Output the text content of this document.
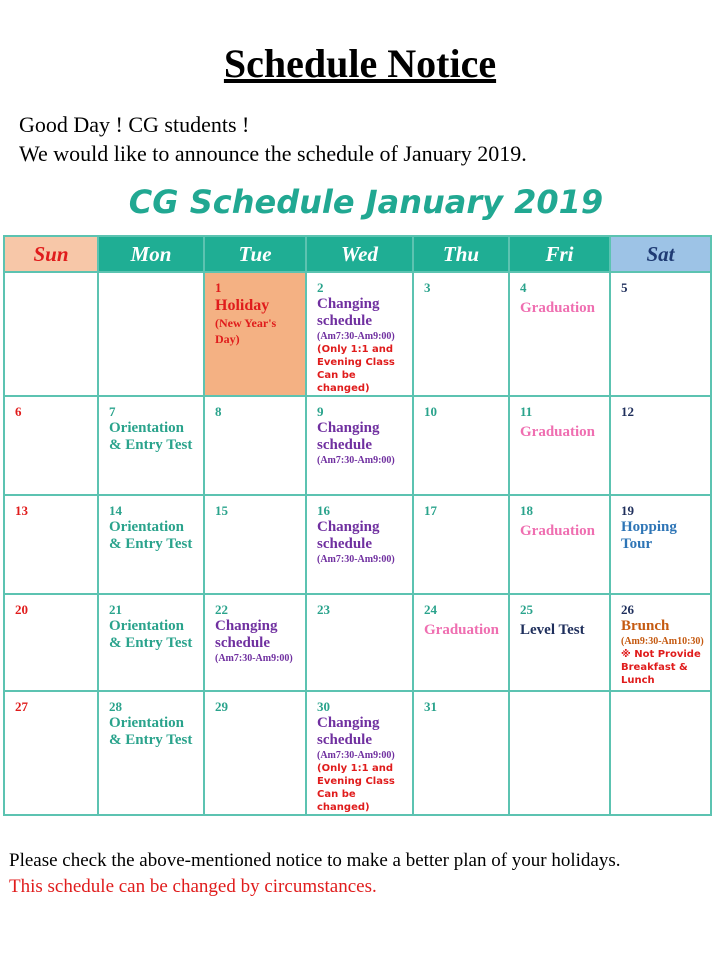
Schedule Notice
Good Day ! CG students !
We would like to announce the schedule of January 2019.
CG Schedule January 2019
Sun	Mon	Tue	Wed	Thu	Fri	Sat

		1
Holiday
(New Year's Day)	2
Changing schedule
(Am7:30-Am9:00)
(Only 1:1 and Evening Class Can be changed)	3	4
Graduation	5

6	7
Orientation & Entry Test	8	9
Changing schedule
(Am7:30-Am9:00)	10	11
Graduation	12

13	14
Orientation & Entry Test	15	16
Changing schedule
(Am7:30-Am9:00)	17	18
Graduation	19
Hopping Tour

20	21
Orientation & Entry Test	22
Changing schedule
(Am7:30-Am9:00)	23	24
Graduation	25
Level Test	26
Brunch
(Am9:30-Am10:30)
※ Not Provide Breakfast & Lunch

27	28
Orientation & Entry Test	29	30
Changing schedule
(Am7:30-Am9:00)
(Only 1:1 and Evening Class Can be changed)	31		

Please check the above-mentioned notice to make a better plan of your holidays.
This schedule can be changed by circumstances.
